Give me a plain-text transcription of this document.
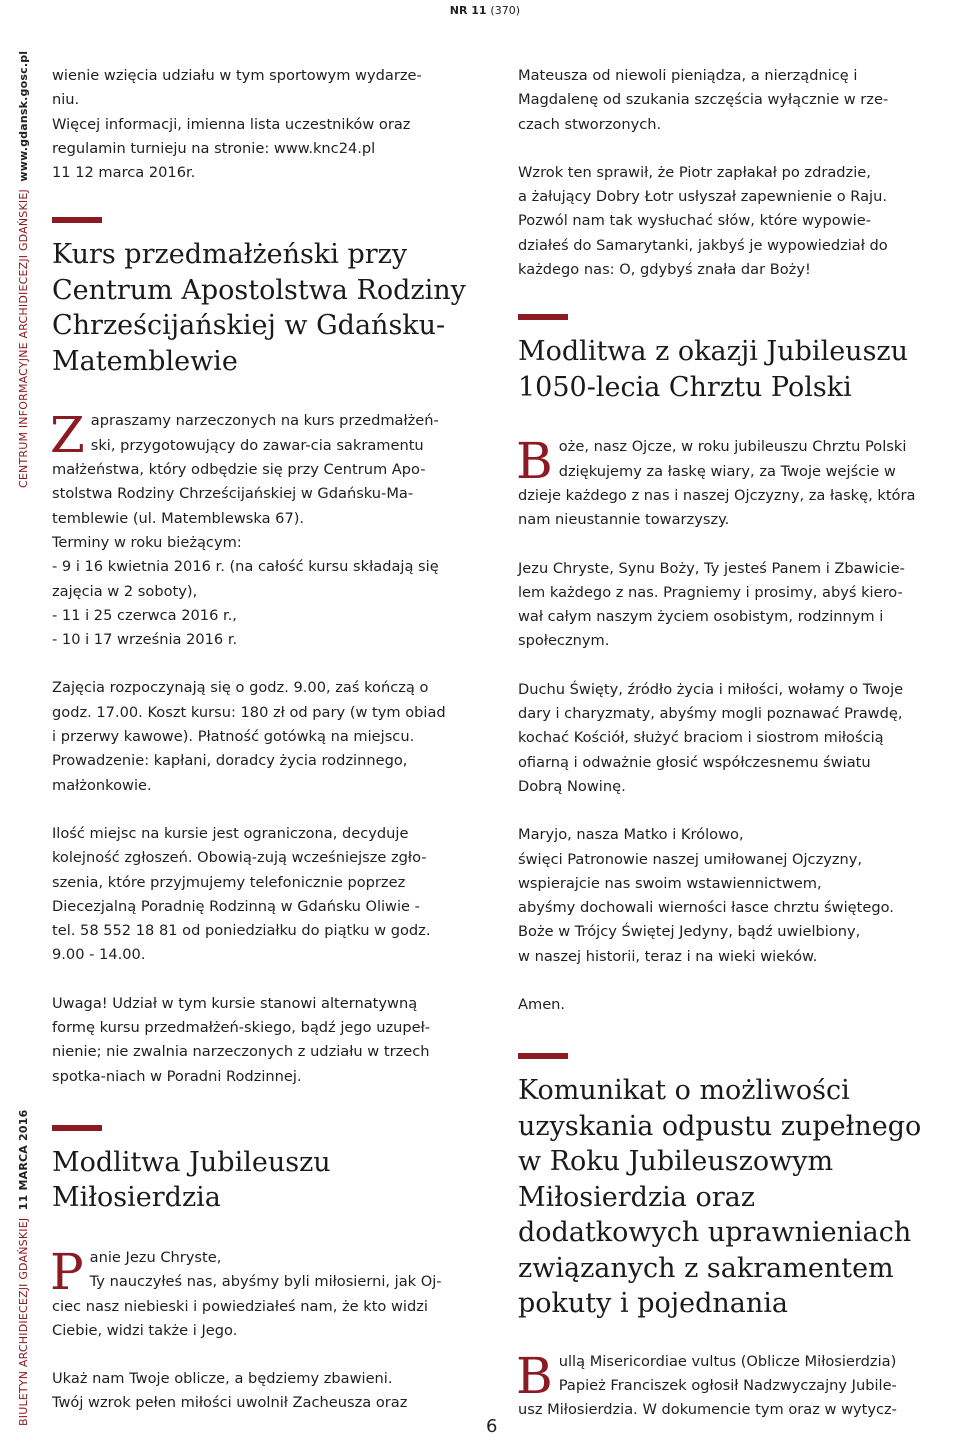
NR 11 (370)
CENTRUM INFORMACYJNE ARCHIDIECEZJI GDAŃSKIEJ  www.gdansk.gosc.pl
BIULETYN ARCHIDIECEZJI GDAŃSKIEJ  11 MARCA 2016
wienie wzięcia udziału w tym sportowym wydarze-
niu.
Więcej informacji, imienna lista uczestników oraz
regulamin turnieju na stronie: www.knc24.pl
11 12 marca 2016r.
Kurs przedmałżeński przy
Centrum Apostolstwa Rodziny
Chrześcijańskiej w Gdańsku-
Matemblewie
Z apraszamy narzeczonych na kurs przedmałżeń-
ski, przygotowujący do zawar-cia sakramentu
małżeństwa, który odbędzie się przy Centrum Apo-
stolstwa Rodziny Chrześcijańskiej w Gdańsku-Ma-
temblewie (ul. Matemblewska 67).
Terminy w roku bieżącym:
- 9 i 16 kwietnia 2016 r. (na całość kursu składają się
zajęcia w 2 soboty),
- 11 i 25 czerwca 2016 r.,
- 10 i 17 września 2016 r.
Zajęcia rozpoczynają się o godz. 9.00, zaś kończą o
godz. 17.00. Koszt kursu: 180 zł od pary (w tym obiad
i przerwy kawowe). Płatność gotówką na miejscu.
Prowadzenie: kapłani, doradcy życia rodzinnego,
małżonkowie.
Ilość miejsc na kursie jest ograniczona, decyduje
kolejność zgłoszeń. Obowią-zują wcześniejsze zgło-
szenia, które przyjmujemy telefonicznie poprzez
Diecezjalną Poradnię Rodzinną w Gdańsku Oliwie -
tel. 58 552 18 81 od poniedziałku do piątku w godz.
9.00 - 14.00.
Uwaga! Udział w tym kursie stanowi alternatywną
formę kursu przedmałżeń-skiego, bądź jego uzupeł-
nienie; nie zwalnia narzeczonych z udziału w trzech
spotka-niach w Poradni Rodzinnej.
Modlitwa Jubileuszu
Miłosierdzia
P anie Jezu Chryste,
Ty nauczyłeś nas, abyśmy byli miłosierni, jak Oj-
ciec nasz niebieski i powiedziałeś nam, że kto widzi
Ciebie, widzi także i Jego.
Ukaż nam Twoje oblicze, a będziemy zbawieni.
Twój wzrok pełen miłości uwolnił Zacheusza oraz
Mateusza od niewoli pieniądza, a nierządnicę i
Magdalenę od szukania szczęścia wyłącznie w rze-
czach stworzonych.
Wzrok ten sprawił, że Piotr zapłakał po zdradzie,
a żałujący Dobry Łotr usłyszał zapewnienie o Raju.
Pozwól nam tak wysłuchać słów, które wypowie-
działeś do Samarytanki, jakbyś je wypowiedział do
każdego nas: O, gdybyś znała dar Boży!
Modlitwa z okazji Jubileuszu
1050-lecia Chrztu Polski
B oże, nasz Ojcze, w roku jubileuszu Chrztu Polski
dziękujemy za łaskę wiary, za Twoje wejście w
dzieje każdego z nas i naszej Ojczyzny, za łaskę, która
nam nieustannie towarzyszy.
Jezu Chryste, Synu Boży, Ty jesteś Panem i Zbawicie-
lem każdego z nas. Pragniemy i prosimy, abyś kiero-
wał całym naszym życiem osobistym, rodzinnym i
społecznym.
Duchu Święty, źródło życia i miłości, wołamy o Twoje
dary i charyzmaty, abyśmy mogli poznawać Prawdę,
kochać Kościół, służyć braciom i siostrom miłością
ofiarną i odważnie głosić współczesnemu światu
Dobrą Nowinę.
Maryjo, nasza Matko i Królowo,
święci Patronowie naszej umiłowanej Ojczyzny,
wspierajcie nas swoim wstawiennictwem,
abyśmy dochowali wierności łasce chrztu świętego.
Boże w Trójcy Świętej Jedyny, bądź uwielbiony,
w naszej historii, teraz i na wieki wieków.
Amen.
Komunikat o możliwości
uzyskania odpustu zupełnego
w Roku Jubileuszowym
Miłosierdzia oraz
dodatkowych uprawnieniach
związanych z sakramentem
pokuty i pojednania
B ullą Misericordiae vultus (Oblicze Miłosierdzia)
Papież Franciszek ogłosił Nadzwyczajny Jubile-
usz Miłosierdzia. W dokumencie tym oraz w wytycz-
6
